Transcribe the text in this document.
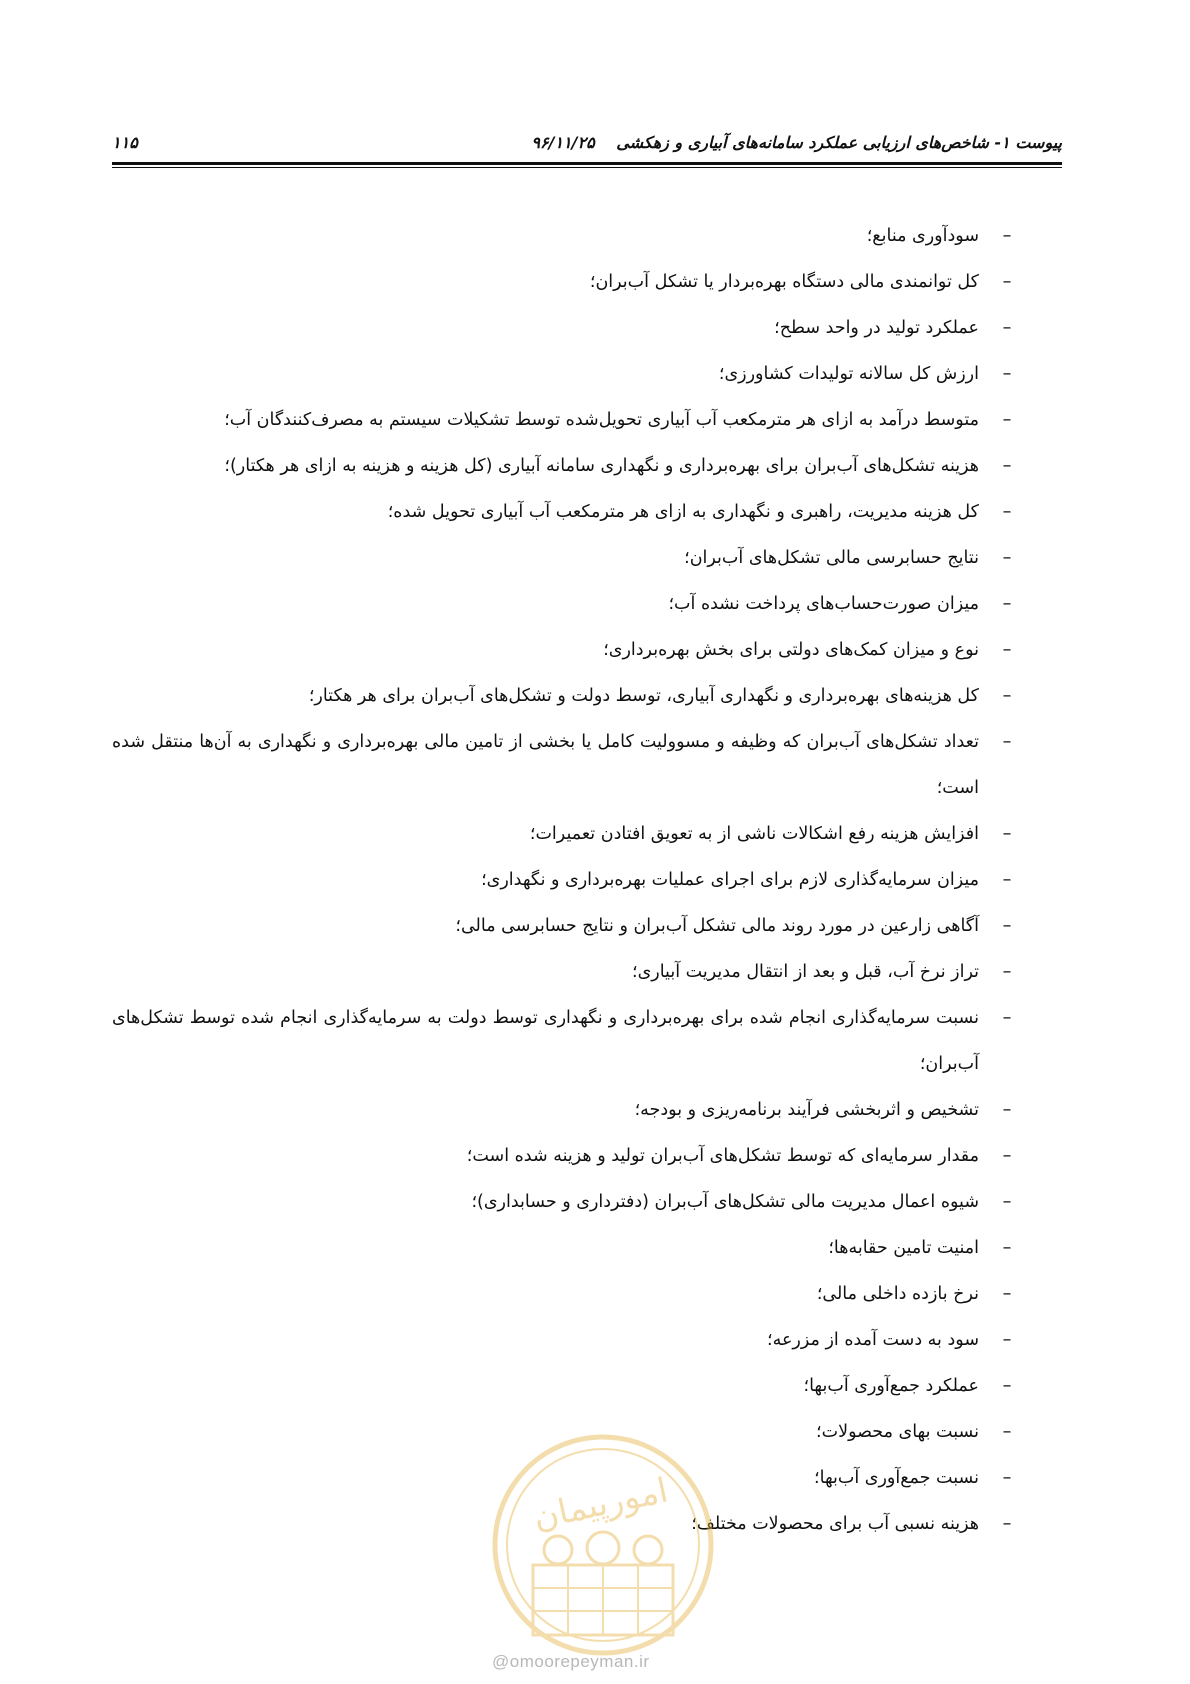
پیوست ۱- شاخص‌های ارزیابی عملکرد سامانه‌های آبیاری و زهکشی ۹۶/۱۱/۲۵
۱۱۵
–
سودآوری منابع؛
–
کل توانمندی مالی دستگاه بهره‌بردار یا تشکل آب‌بران؛
–
عملکرد تولید در واحد سطح؛
–
ارزش کل سالانه تولیدات کشاورزی؛
–
متوسط درآمد به ازای هر مترمکعب آب آبیاری تحویل‌شده توسط تشکیلات سیستم به مصرف‌کنندگان آب؛
–
هزینه تشکل‌های آب‌بران برای بهره‌برداری و نگهداری سامانه آبیاری (کل هزینه و هزینه به ازای هر هکتار)؛
–
کل هزینه مدیریت، راهبری و نگهداری به ازای هر مترمکعب آب آبیاری تحویل شده؛
–
نتایج حسابرسی مالی تشکل‌های آب‌بران؛
–
میزان صورت‌حساب‌های پرداخت نشده آب؛
–
نوع و میزان کمک‌های دولتی برای بخش بهره‌برداری؛
–
کل هزینه‌های بهره‌برداری و نگهداری آبیاری، توسط دولت و تشکل‌های آب‌بران برای هر هکتار؛
–
تعداد تشکل‌های آب‌بران که وظیفه و مسوولیت کامل یا بخشی از تامین مالی بهره‌برداری و نگهداری به آن‌ها منتقل شده است؛
–
افزایش هزینه رفع اشکالات ناشی از به تعویق افتادن تعمیرات؛
–
میزان سرمایه‌گذاری لازم برای اجرای عملیات بهره‌برداری و نگهداری؛
–
آگاهی زارعین در مورد روند مالی تشکل آب‌بران و نتایج حسابرسی مالی؛
–
تراز نرخ آب، قبل و بعد از انتقال مدیریت آبیاری؛
–
نسبت سرمایه‌گذاری انجام شده برای بهره‌برداری و نگهداری توسط دولت به سرمایه‌گذاری انجام شده توسط تشکل‌های آب‌بران؛
–
تشخیص و اثربخشی فرآیند برنامه‌ریزی و بودجه؛
–
مقدار سرمایه‌ای که توسط تشکل‌های آب‌بران تولید و هزینه شده است؛
–
شیوه اعمال مدیریت مالی تشکل‌های آب‌بران (دفترداری و حسابداری)؛
–
امنیت تامین حقابه‌ها؛
–
نرخ بازده داخلی مالی؛
–
سود به دست آمده از مزرعه؛
–
عملکرد جمع‌آوری آب‌بها؛
–
نسبت بهای محصولات؛
–
نسبت جمع‌آوری آب‌بها؛
–
هزینه نسبی آب برای محصولات مختلف؛
امورپیمان
@omoorepeyman.ir
